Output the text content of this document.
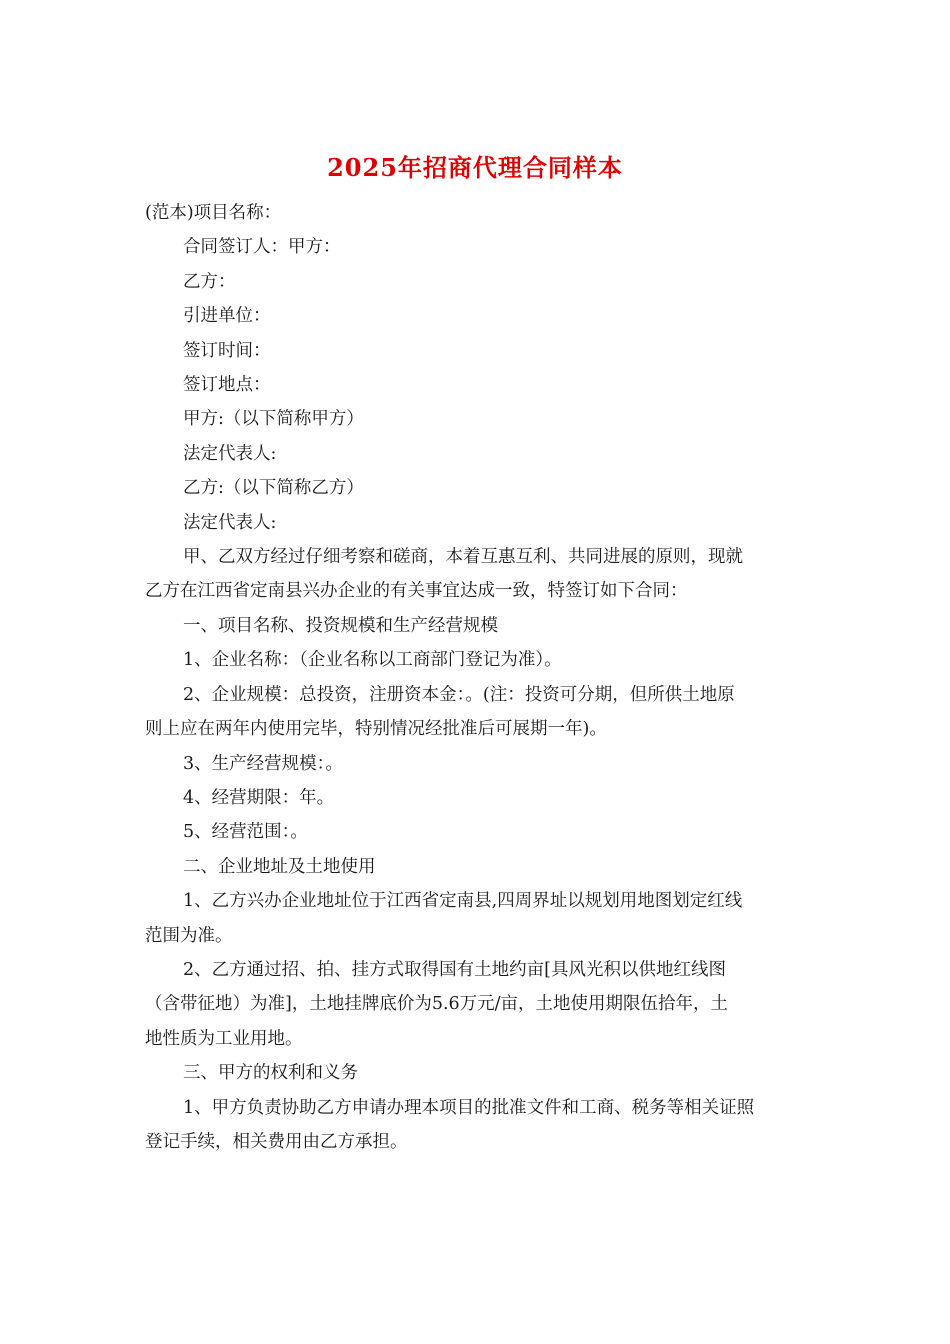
2025年招商代理合同样本

(范本)项目名称：

合同签订人：甲方：

乙方：

引进单位：

签订时间：

签订地点：

甲方:（以下简称甲方）

法定代表人:

乙方:（以下简称乙方）

法定代表人:

甲、乙双方经过仔细考察和磋商，本着互惠互利、共同进展的原则，现就

乙方在江西省定南县兴办企业的有关事宜达成一致，特签订如下合同：

一、项目名称、投资规模和生产经营规模

1、企业名称：（企业名称以工商部门登记为准）。

2、企业规模：总投资，注册资本金：。(注：投资可分期，但所供土地原

则上应在两年内使用完毕，特别情况经批准后可展期一年)。

3、生产经营规模：。

4、经营期限：年。

5、经营范围：。

二、企业地址及土地使用

1、乙方兴办企业地址位于江西省定南县,四周界址以规划用地图划定红线

范围为准。

2、乙方通过招、拍、挂方式取得国有土地约亩[具风光积以供地红线图

（含带征地）为准]，土地挂牌底价为5.6万元/亩，土地使用期限伍拾年，土

地性质为工业用地。

三、甲方的权利和义务

1、甲方负责协助乙方申请办理本项目的批准文件和工商、税务等相关证照

登记手续，相关费用由乙方承担。
